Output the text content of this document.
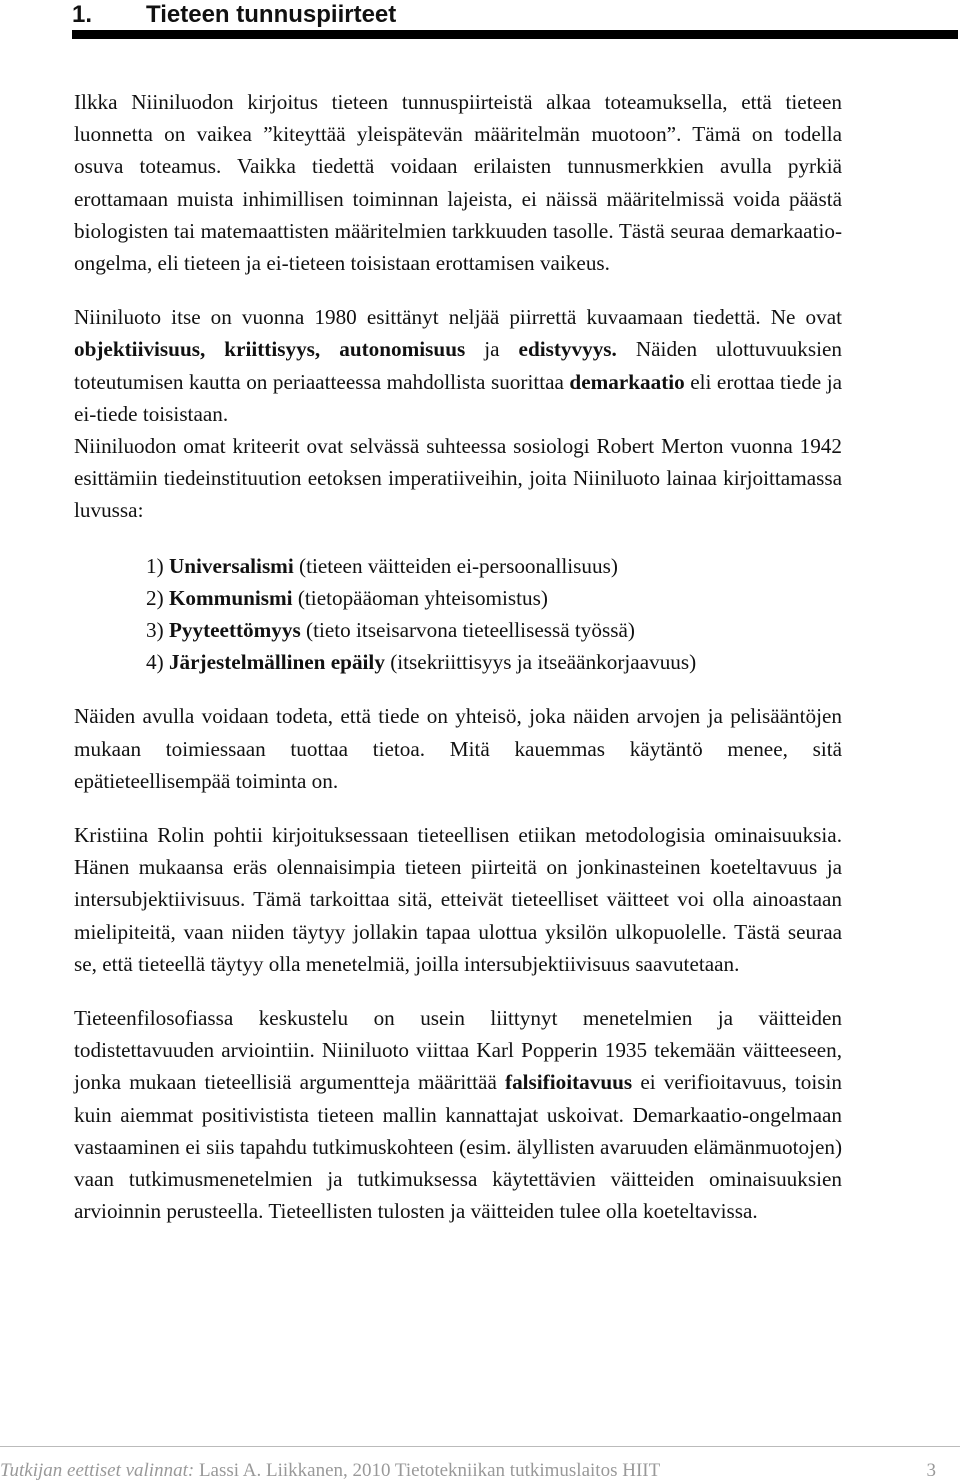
1. Tieteen tunnuspiirteet

Ilkka Niiniluodon kirjoitus tieteen tunnuspiirteistä alkaa toteamuksella, että tieteen luonnetta on vaikea ”kiteyttää yleispätevän määritelmän muotoon”. Tämä on todella osuva toteamus. Vaikka tiedettä voidaan erilaisten tunnusmerkkien avulla pyrkiä erottamaan muista inhimillisen toiminnan lajeista, ei näissä määritelmissä voida päästä biologisten tai matemaattisten määritelmien tarkkuuden tasolle. Tästä seuraa demarkaatio-ongelma, eli tieteen ja ei-tieteen toisistaan erottamisen vaikeus.

Niiniluoto itse on vuonna 1980 esittänyt neljää piirrettä kuvaamaan tiedettä. Ne ovat objektiivisuus, kriittisyys, autonomisuus ja edistyvyys. Näiden ulottuvuuksien toteutumisen kautta on periaatteessa mahdollista suorittaa demarkaatio eli erottaa tiede ja ei-tiede toisistaan.

Niiniluodon omat kriteerit ovat selvässä suhteessa sosiologi Robert Merton vuonna 1942 esittämiin tiedeinstituution eetoksen imperatiiveihin, joita Niiniluoto lainaa kirjoittamassa luvussa:

1) Universalismi (tieteen väitteiden ei-persoonallisuus)
2) Kommunismi (tietopääoman yhteisomistus)
3) Pyyteettömyys (tieto itseisarvona tieteellisessä työssä)
4) Järjestelmällinen epäily (itsekriittisyys ja itseäänkorjaavuus)

Näiden avulla voidaan todeta, että tiede on yhteisö, joka näiden arvojen ja pelisääntöjen mukaan toimiessaan tuottaa tietoa. Mitä kauemmas käytäntö menee, sitä epätieteellisempää toiminta on.

Kristiina Rolin pohtii kirjoituksessaan tieteellisen etiikan metodologisia ominaisuuksia. Hänen mukaansa eräs olennaisimpia tieteen piirteitä on jonkinasteinen koeteltavuus ja intersubjektiivisuus. Tämä tarkoittaa sitä, etteivät tieteelliset väitteet voi olla ainoastaan mielipiteitä, vaan niiden täytyy jollakin tapaa ulottua yksilön ulkopuolelle. Tästä seuraa se, että tieteellä täytyy olla menetelmiä, joilla intersubjektiivisuus saavutetaan.

Tieteenfilosofiassa keskustelu on usein liittynyt menetelmien ja väitteiden todistettavuuden arviointiin. Niiniluoto viittaa Karl Popperin 1935 tekemään väitteeseen, jonka mukaan tieteellisiä argumentteja määrittää falsifioitavuus ei verifioitavuus, toisin kuin aiemmat positivistista tieteen mallin kannattajat uskoivat. Demarkaatio-ongelmaan vastaaminen ei siis tapahdu tutkimuskohteen (esim. älyllisten avaruuden elämänmuotojen) vaan tutkimusmenetelmien ja tutkimuksessa käytettävien väitteiden ominaisuuksien arvioinnin perusteella. Tieteellisten tulosten ja väitteiden tulee olla koeteltavissa.

Tutkijan eettiset valinnat: Lassi A. Liikkanen, 2010 Tietotekniikan tutkimuslaitos HIIT	3
